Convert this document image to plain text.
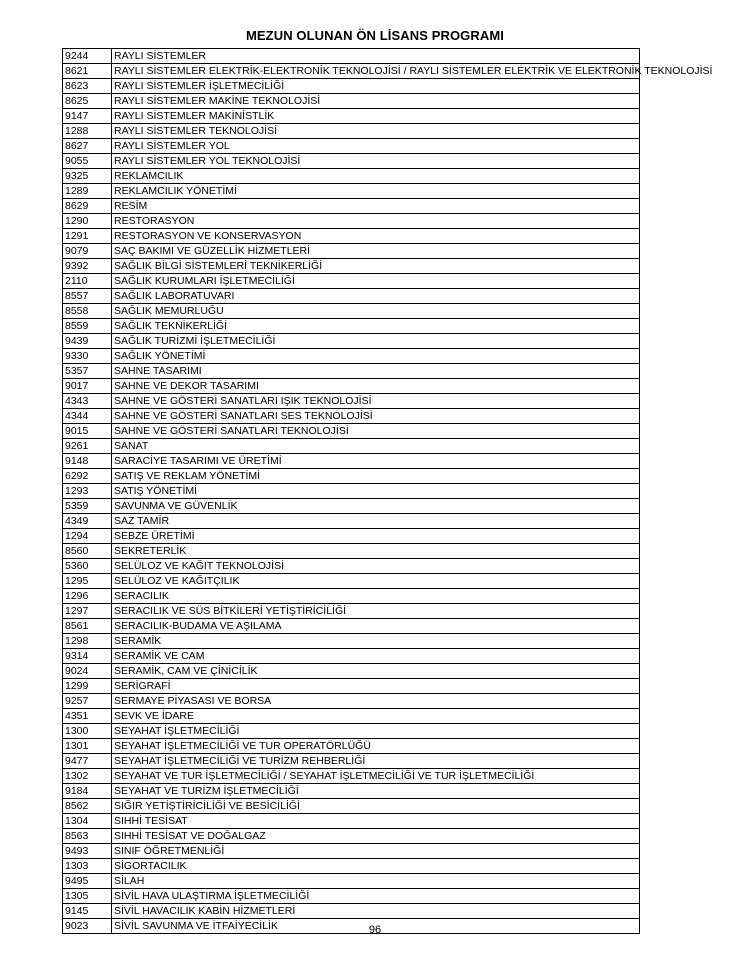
MEZUN OLUNAN ÖN LİSANS PROGRAMI
9244	RAYLI SİSTEMLER
8621	RAYLI SİSTEMLER ELEKTRİK-ELEKTRONİK TEKNOLOJİSİ / RAYLI SİSTEMLER ELEKTRİK VE ELEKTRONİK TEKNOLOJİSİ
8623	RAYLI SİSTEMLER İŞLETMECİLİĞİ
8625	RAYLI SİSTEMLER MAKİNE TEKNOLOJİSİ
9147	RAYLI SİSTEMLER MAKİNİSTLİK
1288	RAYLI SİSTEMLER TEKNOLOJİSİ
8627	RAYLI SİSTEMLER YOL
9055	RAYLI SİSTEMLER YOL TEKNOLOJİSİ
9325	REKLAMCILIK
1289	REKLAMCILIK YÖNETİMİ
8629	RESİM
1290	RESTORASYON
1291	RESTORASYON VE KONSERVASYON
9079	SAÇ BAKIMI VE GÜZELLİK HİZMETLERİ
9392	SAĞLIK BİLGİ SİSTEMLERİ TEKNİKERLİĞİ
2110	SAĞLIK KURUMLARI İŞLETMECİLİĞİ
8557	SAĞLIK LABORATUVARI
8558	SAĞLIK MEMURLUĞU
8559	SAĞLIK TEKNİKERLİĞİ
9439	SAĞLIK TURİZMİ İŞLETMECİLİĞİ
9330	SAĞLIK YÖNETİMİ
5357	SAHNE TASARIMI
9017	SAHNE VE DEKOR TASARIMI
4343	SAHNE VE GÖSTERİ SANATLARI IŞIK TEKNOLOJİSİ
4344	SAHNE VE GÖSTERİ SANATLARI SES TEKNOLOJİSİ
9015	SAHNE VE GÖSTERİ SANATLARI TEKNOLOJİSİ
9261	SANAT
9148	SARACİYE TASARIMI VE ÜRETİMİ
6292	SATIŞ VE REKLAM YÖNETİMİ
1293	SATIŞ YÖNETİMİ
5359	SAVUNMA VE GÜVENLİK
4349	SAZ TAMİR
1294	SEBZE ÜRETİMİ
8560	SEKRETERLİK
5360	SELÜLOZ VE KAĞIT TEKNOLOJİSİ
1295	SELÜLOZ VE KAĞITÇILIK
1296	SERACILIK
1297	SERACILIK VE SÜS BİTKİLERİ YETİŞTİRİCİLİĞİ
8561	SERACILIK-BUDAMA VE AŞILAMA
1298	SERAMİK
9314	SERAMİK VE CAM
9024	SERAMİK, CAM VE ÇİNİCİLİK
1299	SERİGRAFİ
9257	SERMAYE PİYASASI VE BORSA
4351	SEVK VE İDARE
1300	SEYAHAT İŞLETMECİLİĞİ
1301	SEYAHAT İŞLETMECİLİĞİ VE TUR OPERATÖRLÜĞÜ
9477	SEYAHAT İŞLETMECİLİĞİ VE TURİZM REHBERLİĞİ
1302	SEYAHAT VE TUR İŞLETMECİLİĞİ / SEYAHAT İŞLETMECİLİĞİ VE TUR İŞLETMECİLİĞİ
9184	SEYAHAT VE TURİZM İŞLETMECİLİĞİ
8562	SIĞIR YETİŞTİRİCİLİĞİ VE BESİCİLİĞİ
1304	SIHHİ TESİSAT
8563	SIHHİ TESİSAT VE DOĞALGAZ
9493	SINIF ÖĞRETMENLİĞİ
1303	SİGORTACILIK
9495	SİLAH
1305	SİVİL HAVA ULAŞTIRMA İŞLETMECİLİĞİ
9145	SİVİL HAVACILIK KABİN HİZMETLERİ
9023	SİVİL SAVUNMA VE İTFAİYECİLİK	96
